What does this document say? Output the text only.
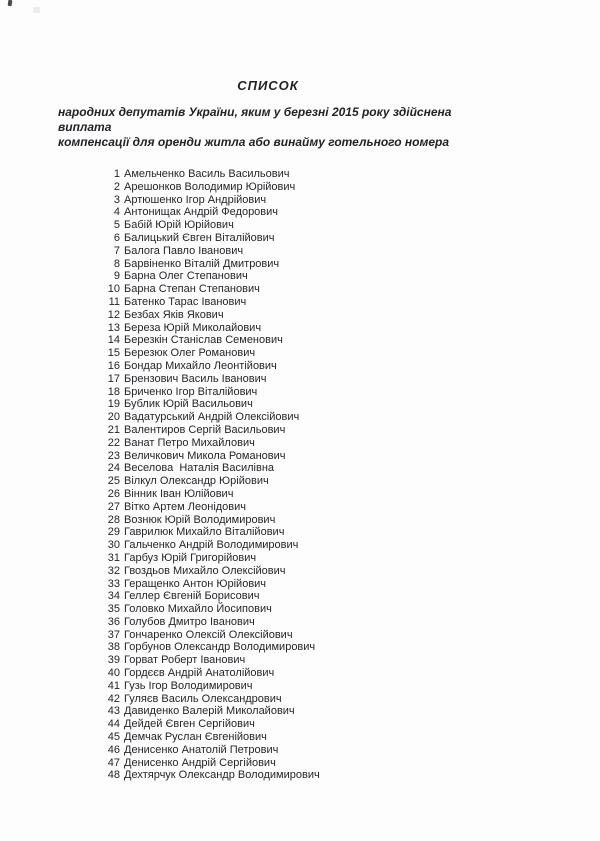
СПИСОК
народних депутатів України, яким у березні 2015 року здійснена виплата
компенсації для оренди житла або винайму готельного номера
1 Амельченко Василь Васильович
2 Арешонков Володимир Юрійович
3 Артюшенко Ігор Андрійович
4 Антонищак Андрій Федорович
5 Бабій Юрій Юрійович
6 Балицький Євген Віталійович
7 Балога Павло Іванович
8 Барвіненко Віталій Дмитрович
9 Барна Олег Степанович
10 Барна Степан Степанович
11 Батенко Тарас Іванович
12 Безбах Яків Якович
13 Береза Юрій Миколайович
14 Березкін Станіслав Семенович
15 Березюк Олег Романович
16 Бондар Михайло Леонтійович
17 Брензович Василь Іванович
18 Бриченко Ігор Віталійович
19 Бублик Юрій Васильович
20 Вадатурський Андрій Олексійович
21 Валентиров Сергій Васильович
22 Ванат Петро Михайлович
23 Величкович Микола Романович
24 Веселова  Наталія Василівна
25 Вілкул Олександр Юрійович
26 Вінник Іван Юлійович
27 Вітко Артем Леонідович
28 Вознюк Юрій Володимирович
29 Гаврилюк Михайло Віталійович
30 Гальченко Андрій Володимирович
31 Гарбуз Юрій Григорійович
32 Гвоздьов Михайло Олексійович
33 Геращенко Антон Юрійович
34 Геллер Євгеній Борисович
35 Головко Михайло Йосипович
36 Голубов Дмитро Іванович
37 Гончаренко Олексій Олексійович
38 Горбунов Олександр Володимирович
39 Горват Роберт Іванович
40 Гордєєв Андрій Анатолійович
41 Гузь Ігор Володимирович
42 Гуляєв Василь Олександрович
43 Давиденко Валерій Миколайович
44 Дейдей Євген Сергійович
45 Демчак Руслан Євгенійович
46 Денисенко Анатолій Петрович
47 Денисенко Андрій Сергійович
48 Дехтярчук Олександр Володимирович
